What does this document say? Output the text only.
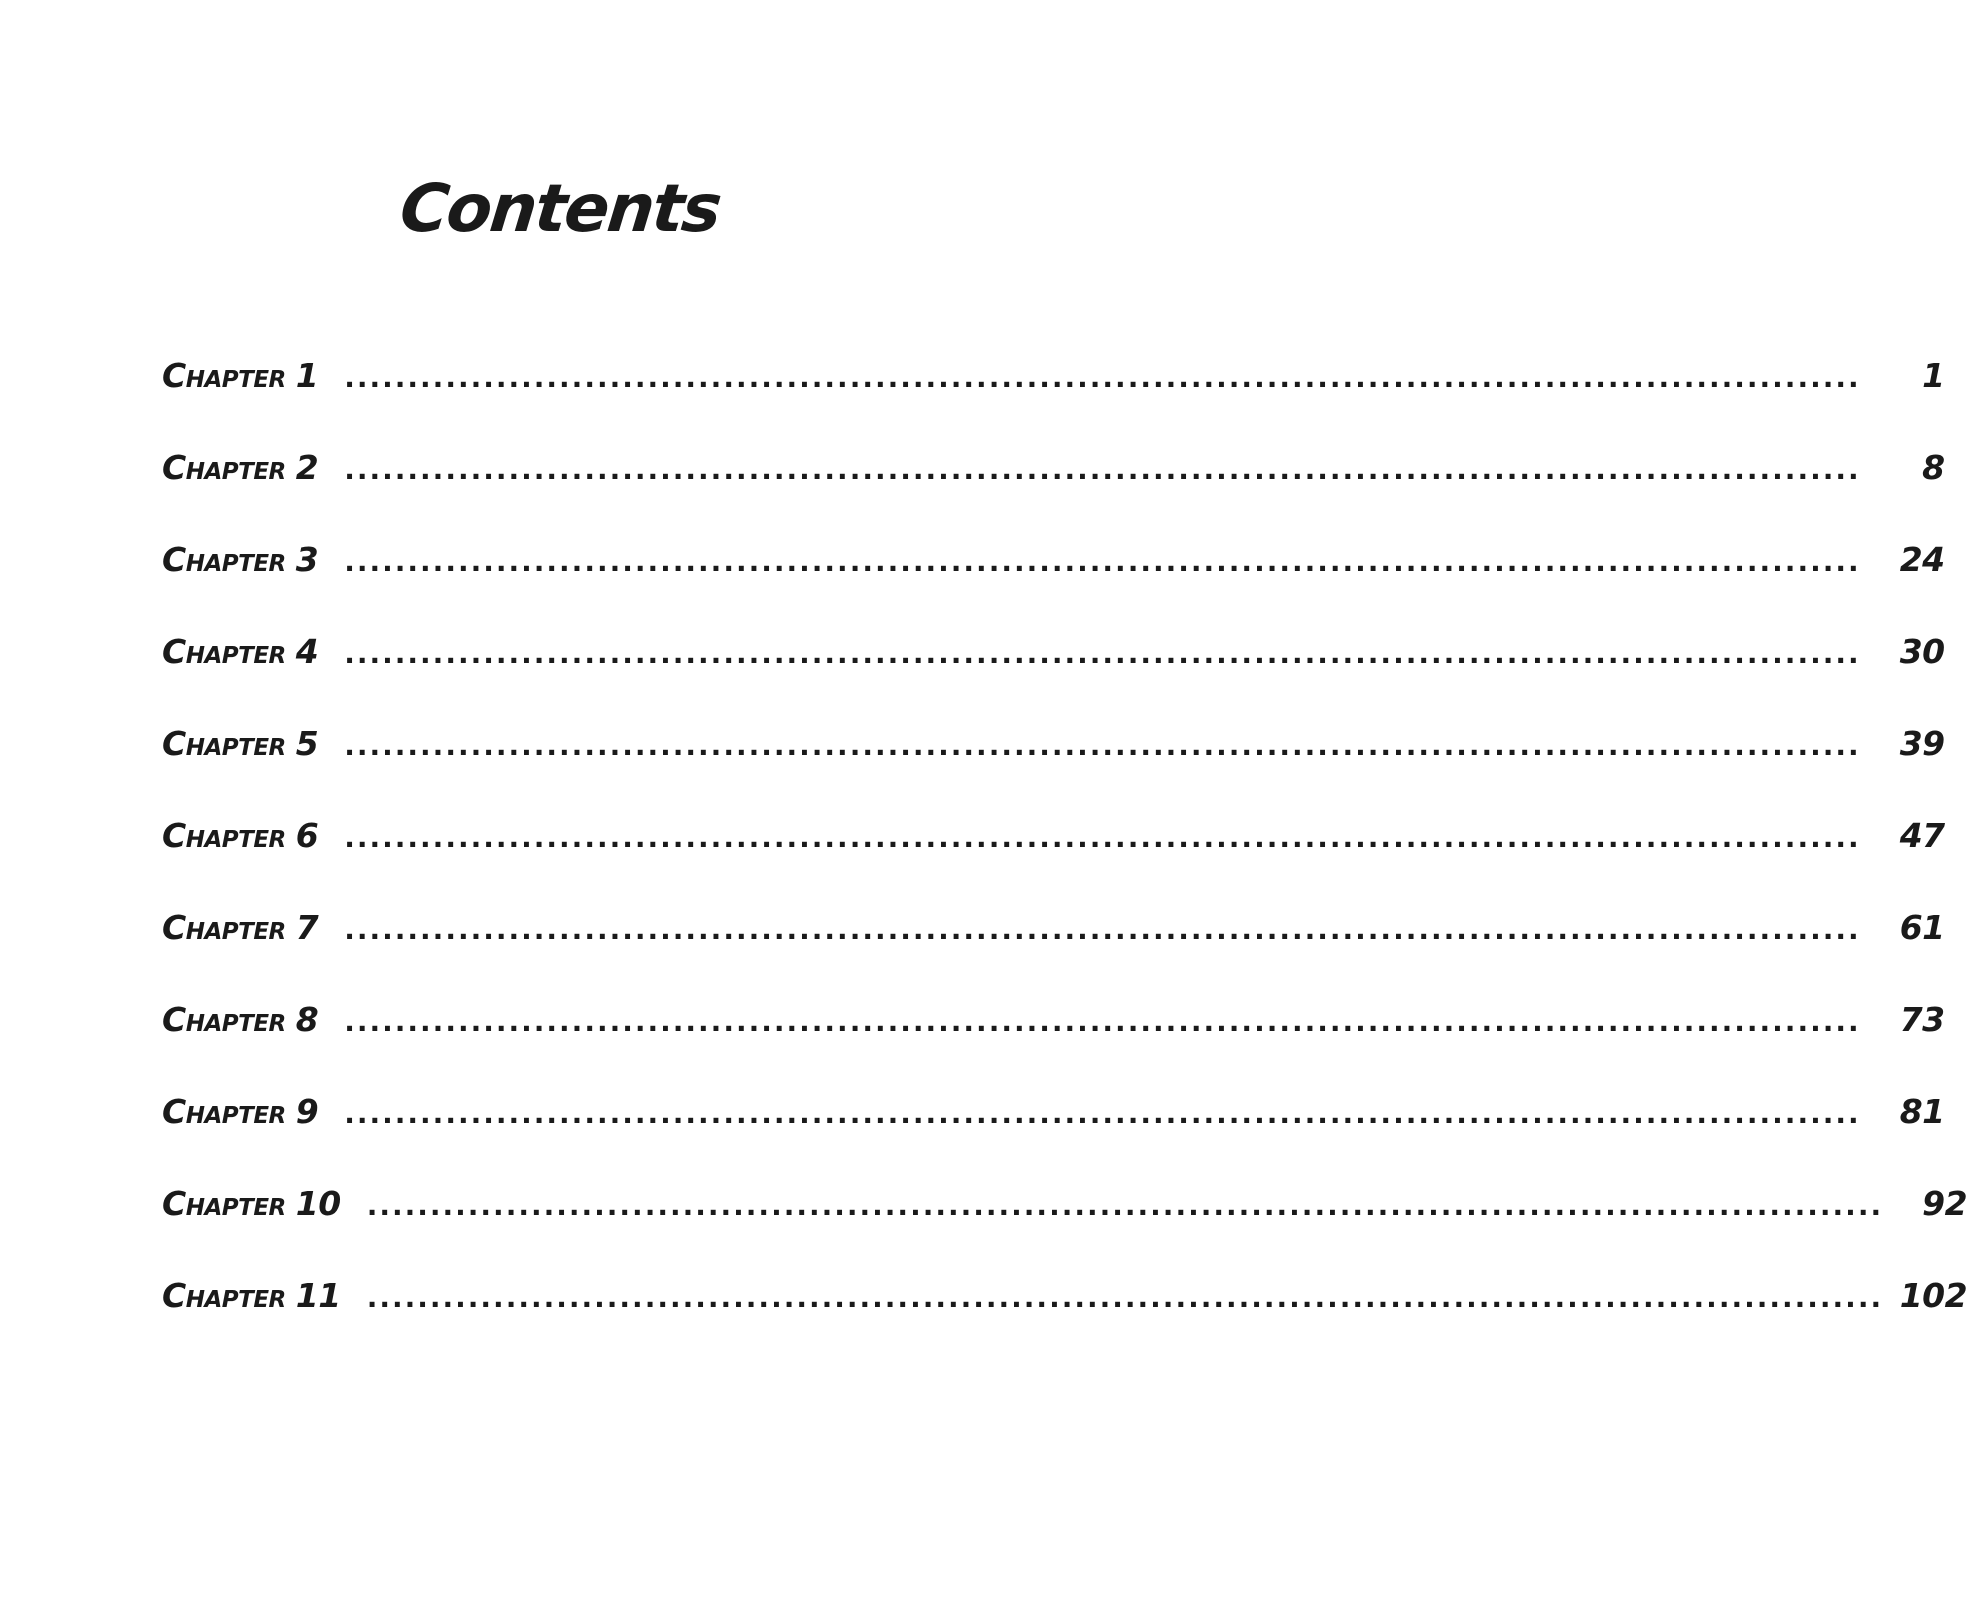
Contents
Chapter 1 ........................................................................................................................	1
Chapter 2 ........................................................................................................................	8
Chapter 3 ........................................................................................................................	24
Chapter 4 ........................................................................................................................	30
Chapter 5 ........................................................................................................................	39
Chapter 6 ........................................................................................................................	47
Chapter 7 ........................................................................................................................	61
Chapter 8 ........................................................................................................................	73
Chapter 9 ........................................................................................................................	81
Chapter 10 ........................................................................................................................	92
Chapter 11 ........................................................................................................................ 102
